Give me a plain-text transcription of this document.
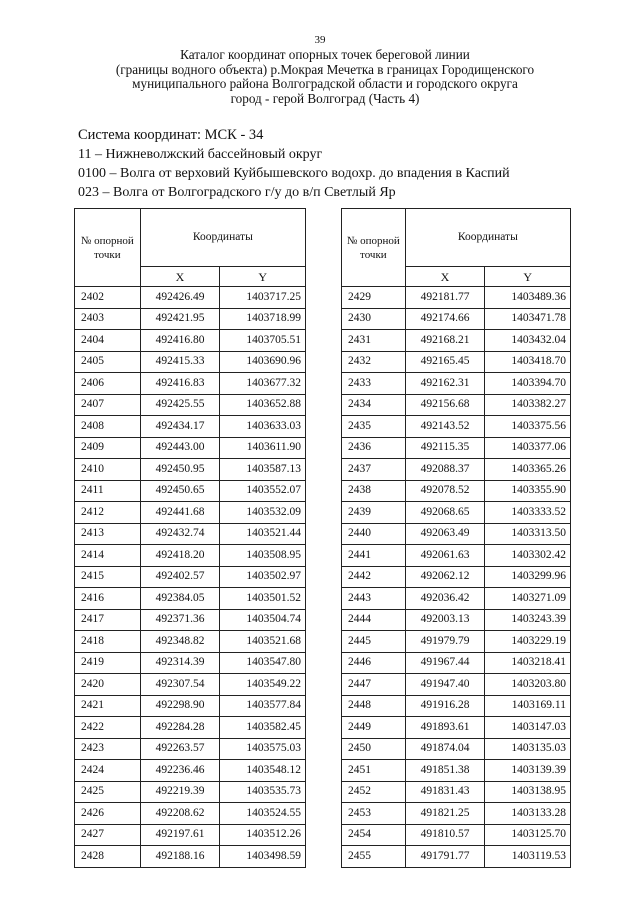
39
Каталог координат опорных точек береговой линии
(границы водного объекта) р.Мокрая Мечетка в границах Городищенского
муниципального района Волгоградской области и городского округа
город - герой Волгоград (Часть 4)
Система координат: МСК - 34
11 – Нижневолжский бассейновый округ
0100 – Волга от верховий Куйбышевского водохр. до впадения в Каспий
023 – Волга от Волгоградского г/у до в/п Светлый Яр
№ опорной точки	Координаты	
	X	Y
2402	492426.49	1403717.25
2403	492421.95	1403718.99
2404	492416.80	1403705.51
2405	492415.33	1403690.96
2406	492416.83	1403677.32
2407	492425.55	1403652.88
2408	492434.17	1403633.03
2409	492443.00	1403611.90
2410	492450.95	1403587.13
2411	492450.65	1403552.07
2412	492441.68	1403532.09
2413	492432.74	1403521.44
2414	492418.20	1403508.95
2415	492402.57	1403502.97
2416	492384.05	1403501.52
2417	492371.36	1403504.74
2418	492348.82	1403521.68
2419	492314.39	1403547.80
2420	492307.54	1403549.22
2421	492298.90	1403577.84
2422	492284.28	1403582.45
2423	492263.57	1403575.03
2424	492236.46	1403548.12
2425	492219.39	1403535.73
2426	492208.62	1403524.55
2427	492197.61	1403512.26
2428	492188.16	1403498.59
№ опорной точки	Координаты	
	X	Y
2429	492181.77	1403489.36
2430	492174.66	1403471.78
2431	492168.21	1403432.04
2432	492165.45	1403418.70
2433	492162.31	1403394.70
2434	492156.68	1403382.27
2435	492143.52	1403375.56
2436	492115.35	1403377.06
2437	492088.37	1403365.26
2438	492078.52	1403355.90
2439	492068.65	1403333.52
2440	492063.49	1403313.50
2441	492061.63	1403302.42
2442	492062.12	1403299.96
2443	492036.42	1403271.09
2444	492003.13	1403243.39
2445	491979.79	1403229.19
2446	491967.44	1403218.41
2447	491947.40	1403203.80
2448	491916.28	1403169.11
2449	491893.61	1403147.03
2450	491874.04	1403135.03
2451	491851.38	1403139.39
2452	491831.43	1403138.95
2453	491821.25	1403133.28
2454	491810.57	1403125.70
2455	491791.77	1403119.53
